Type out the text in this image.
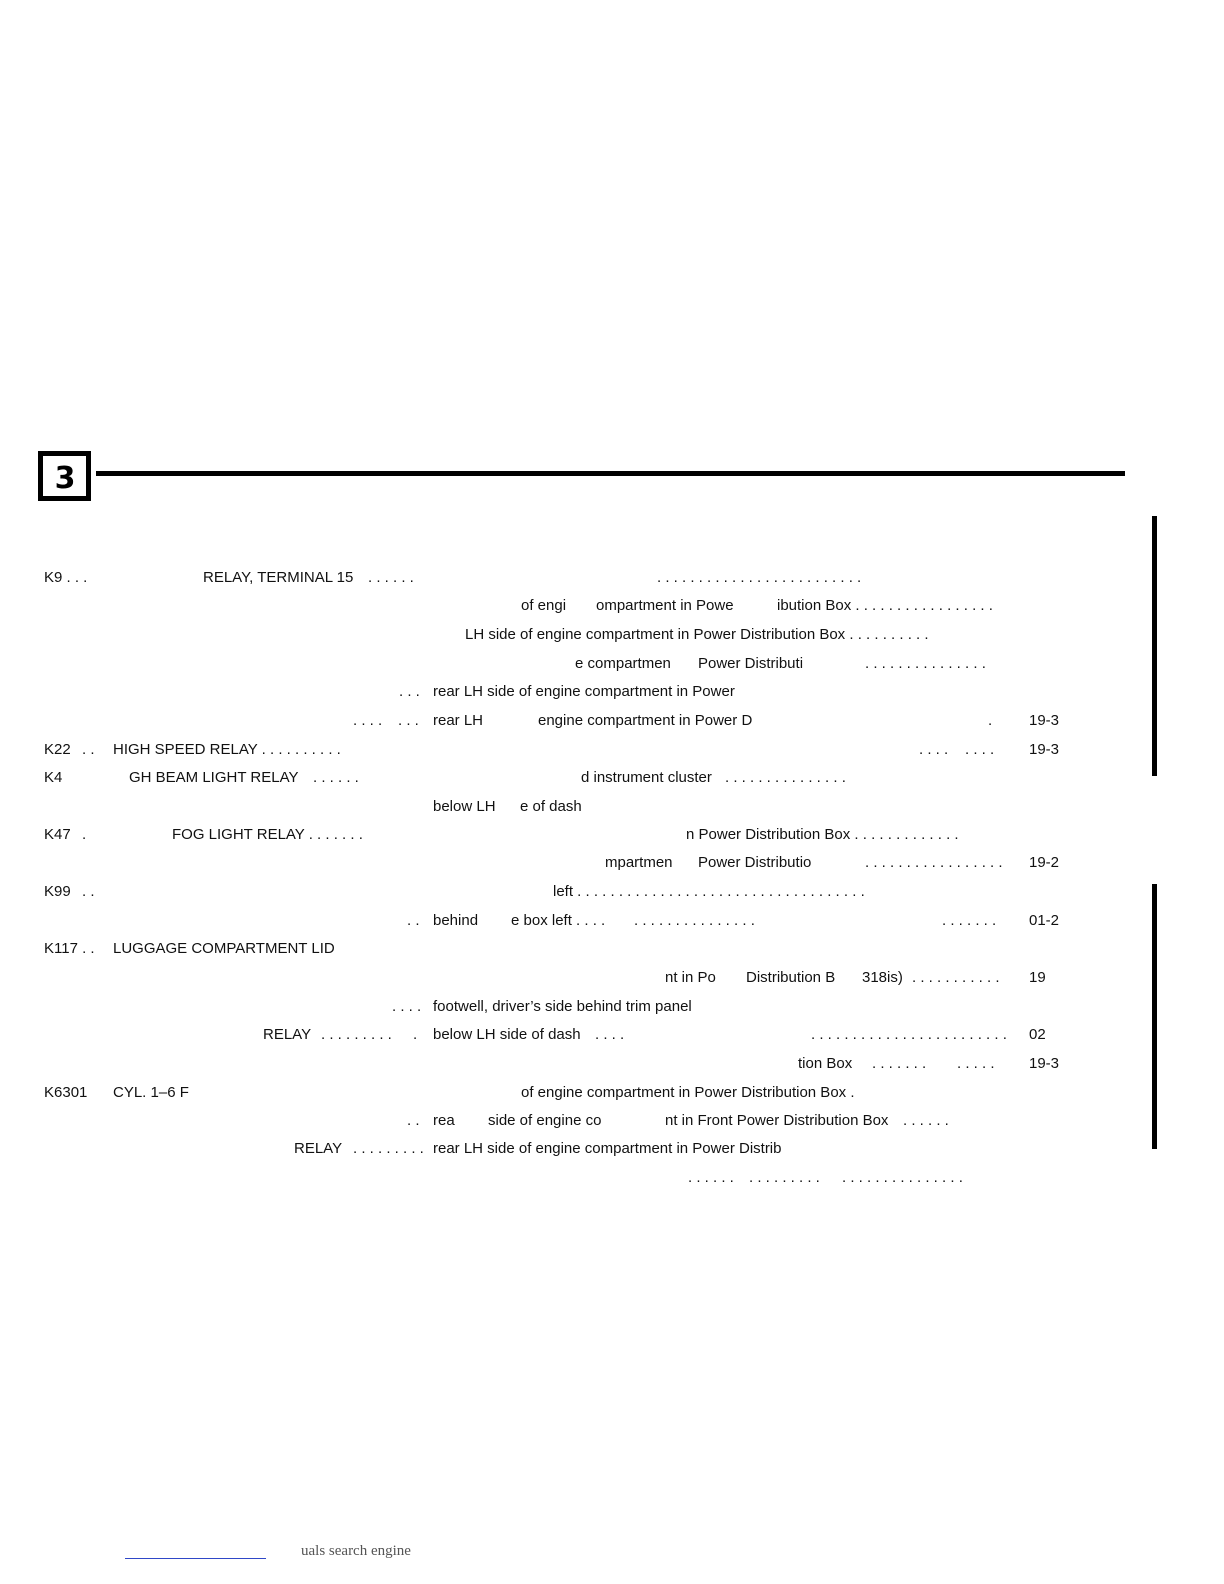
3
K9 . . .	RELAY, TERMINAL 15 . . . . . .	. . . . . . . . . . . . . . . . . . . . . . . . .
of engi ompartment in Powe	ibution Box . . . . . . . . . . . . . . . . .
LH side of engine compartment in Power Distribution Box . . . . . . . . . .
e compartmen Power Distributi	. . . . . . . . . . . . . . .
. . . rear LH side of engine compartment in Power
. . . . . . . rear LH	engine compartment in Power D	. 19-3
K22 . . HIGH SPEED RELAY . . . . . . . . . .	. . . . . . . . 19-3
K4	GH BEAM LIGHT RELAY . . . . . .	d instrument cluster . . . . . . . . . . . . . . .
below LH e of dash
K47 .	FOG LIGHT RELAY . . . . . . .	n Power Distribution Box . . . . . . . . . . . . .
mpartmen Power Distributio	. . . . . . . . . . . . . . . . . 19-2
K99 . .	left . . . . . . . . . . . . . . . . . . . . . . . . . . . . . . . . . . .
. . behind e box left . . . . . . . . . . . . . . . . . . .	. . . . . . . 01-2
K117 . . LUGGAGE COMPARTMENT LID
nt in Po Distribution B 318is) . . . . . . . . . . . 19
. . . . footwell, driver’s side behind trim panel
RELAY . . . . . . . . . . below LH side of dash . . . .	. . . . . . . . . . . . . . . . . . . . . . . . 02
tion Box . . . . . . . . . . . . 19-3
K6301 CYL. 1–6 F	of engine compartment in Power Distribution Box .
. . rea side of engine co	nt in Front Power Distribution Box . . . . . .
RELAY . . . . . . . . . rear LH side of engine compartment in Power Distrib
. . . . . . . . . . . . . . . . . . . . . . . . . . . . . .
uals search engine
